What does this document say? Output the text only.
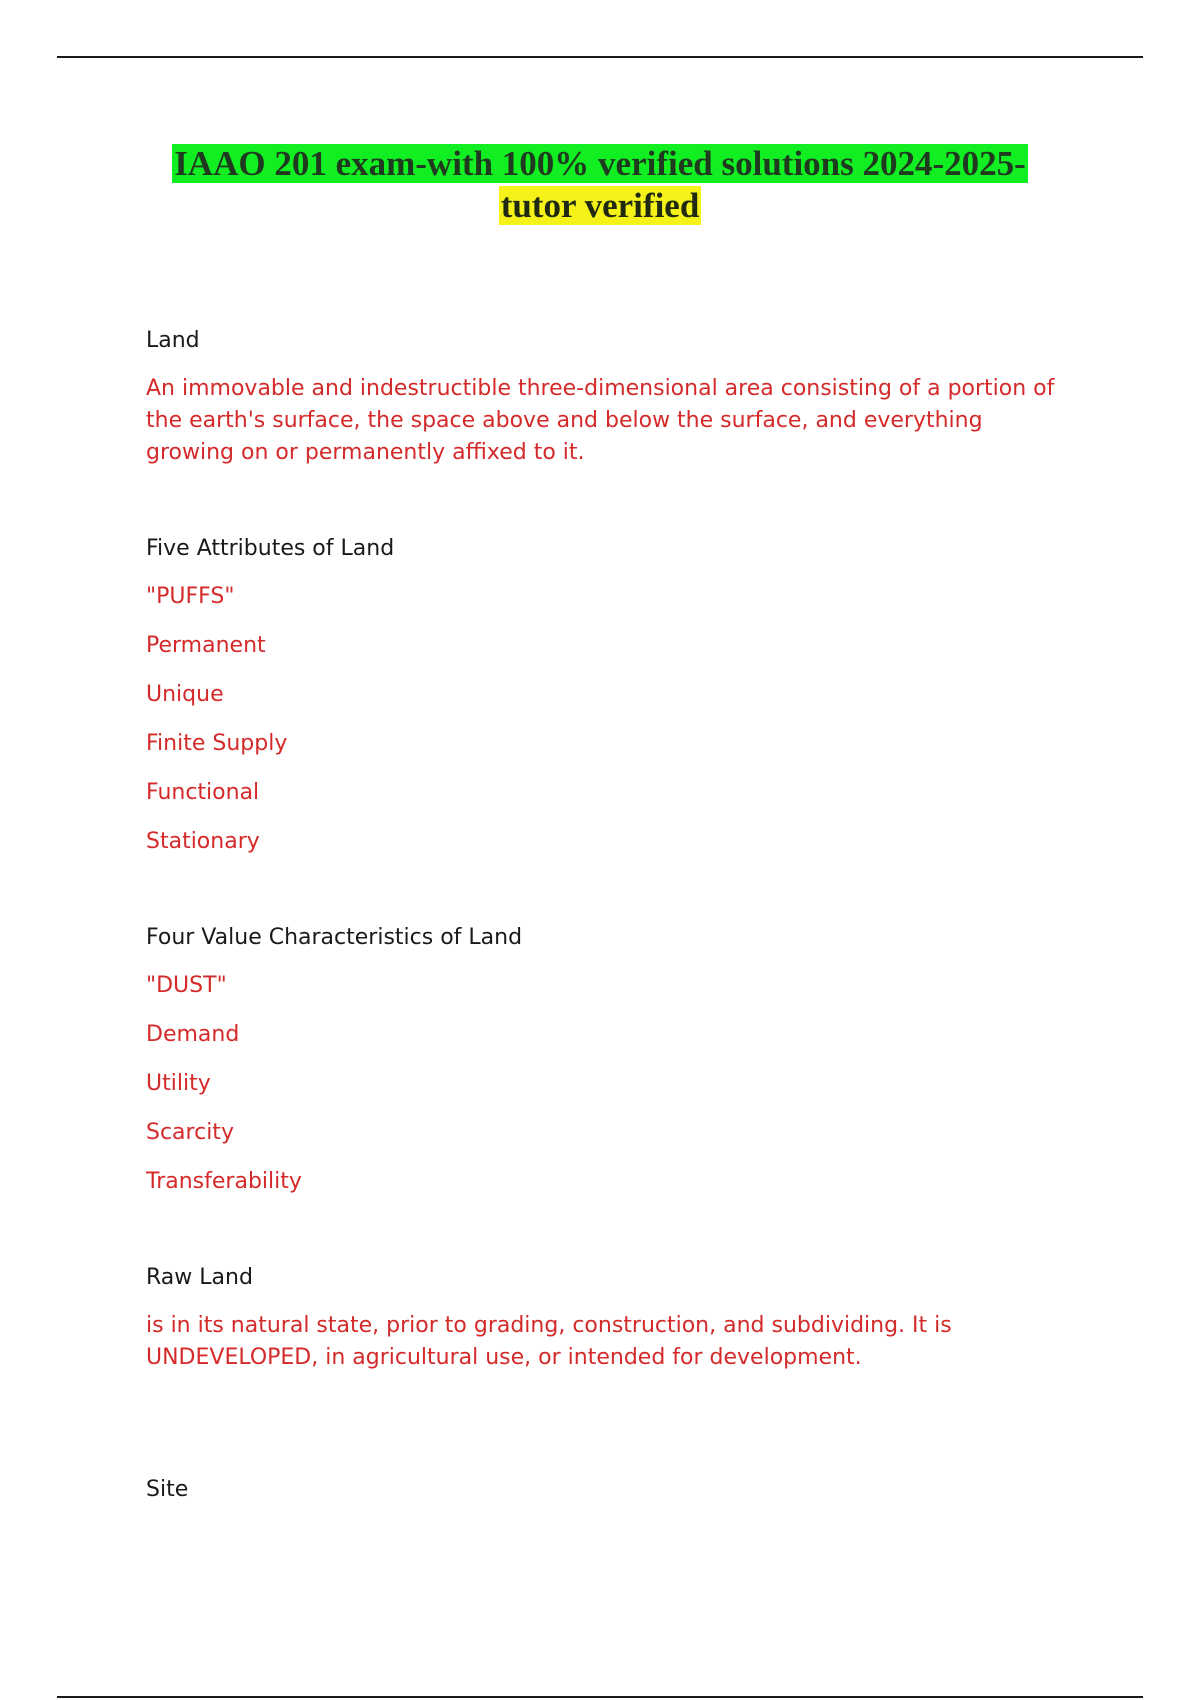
IAAO 201 exam-with 100% verified solutions 2024-2025-
tutor verified

Land

An immovable and indestructible three-dimensional area consisting of a portion of the earth's surface, the space above and below the surface, and everything growing on or permanently affixed to it.

Five Attributes of Land

"PUFFS"

Permanent

Unique

Finite Supply

Functional

Stationary

Four Value Characteristics of Land

"DUST"

Demand

Utility

Scarcity

Transferability

Raw Land

is in its natural state, prior to grading, construction, and subdividing. It is UNDEVELOPED, in agricultural use, or intended for development.

Site
